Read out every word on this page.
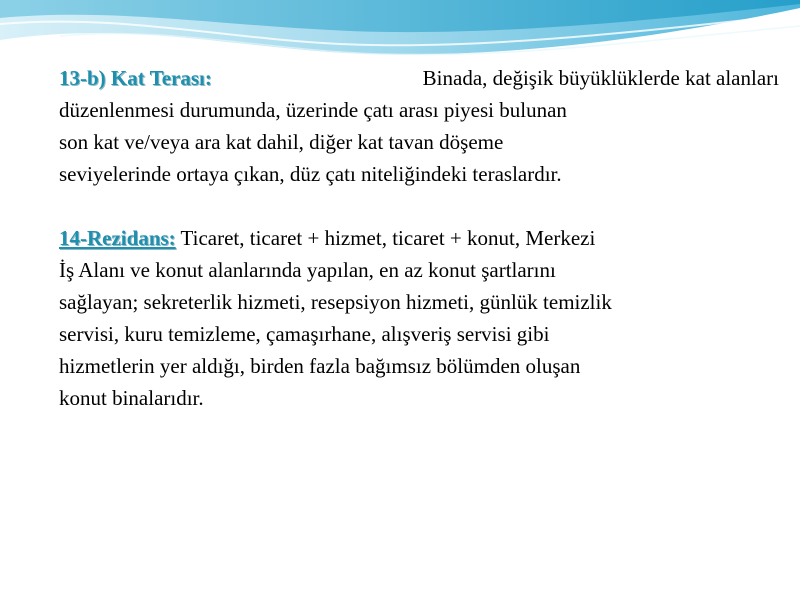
13-b) Kat Terası:	Binada, değişik büyüklüklerde kat alanları

düzenlenmesi durumunda, üzerinde çatı arası piyesi bulunan

son kat ve/veya ara kat dahil, diğer kat tavan döşeme

seviyelerinde ortaya çıkan, düz çatı niteliğindeki teraslardır.

14-Rezidans: Ticaret, ticaret + hizmet, ticaret + konut, Merkezi

İş Alanı ve konut alanlarında yapılan, en az konut şartlarını

sağlayan; sekreterlik hizmeti, resepsiyon hizmeti, günlük temizlik

servisi, kuru temizleme, çamaşırhane, alışveriş servisi gibi

hizmetlerin yer aldığı, birden fazla bağımsız bölümden oluşan

konut binalarıdır.
